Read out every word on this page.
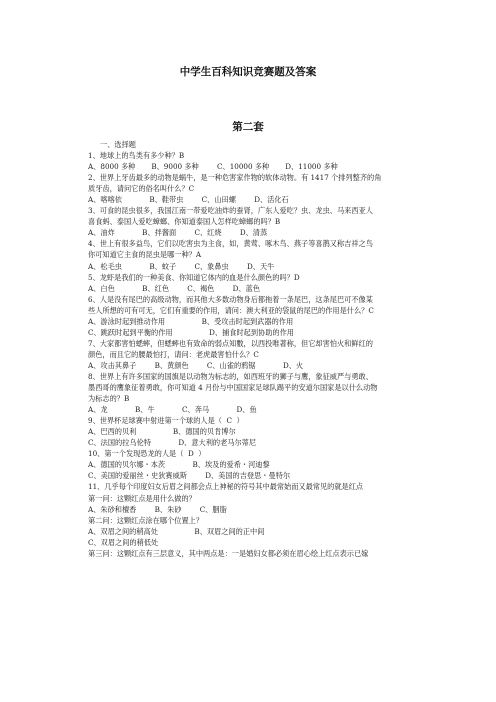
中学生百科知识竞赛题及答案
第二套
一、选择题
1、地球上的鸟类有多少种？B
A、8000 多种       B、9000 多种        C、10000 多种       D、11000 多种
2、世界上牙齿最多的动物是蜗牛，是一种危害家作物的软体动物。有 1417 个排列整齐的角
质牙齿，请问它的俗名叫什么？C
A、喀喀依            B、鞋带虫        C、山田螺        D、活化石
3、可食的昆虫很多，我国江南一带爱吃油炸的蚕肾，广东人爱吃？虫、龙虫、马来西亚人
喜食蚂、泰国人爱吃蟑螂、你知道泰国人怎样吃蟑螂的吗？B
A、油炸            B、拌酱面        C、红烧        D、清蒸
4、世上有很多益鸟，它们以吃害虫为主食，如，黄莺、啄木鸟、燕子等喜鹊又称吉祥之鸟
你可知道它主食的昆虫是哪一种？A
A、松毛虫            B、蚊子        C、象鼻虫        D、天牛
5、龙虾是我们的一种美食、你知道它体内的血是什么颜色的吗？D
A、白色            B、红色        C、褐色        D、蓝色
6、人是没有尾巴的高级动物，而其他大多数动物身后都拖着一条尾巴，这条尾巴可不像某
些人所想的可有可无，它们有重要的作用，请问：澳大利亚的袋鼠的尾巴的作用是什么？C
A、游泳时起到推动作用                B、受攻击时起到武器的作用
C、跳跃时起到平衡的作用                D、捕食时起到协助的作用
7、大家都害怕蟋蟀，但蟋蟀也有致命的弱点知數，以西投唯著称，但它却害怕火和鲜红的
颜色，而且它的腰最怕打，请问：老虎最害怕什么？C
A、攻击其鼻子        B、黄颜色        C、山雀的鸦锯            D、火
8、世界上有许多国家的国旗是以动物为标志的，如西班牙的狮子与鹰，象征威严与勇敢、
墨西哥的鹰象征着勇敢，你可知道 4 月份与中国国家足球队踢平的安道尔国家是以什么动物
为标志的？B
A、龙            B、牛            C、奔马            D、鱼
9、世界杯足球赛中射进第一个球的人是（  C  ）
A、巴西的贝利                B、德国的贝肯博尔
C、法国的拉乌伦特            D、意大利的老马尔蒂尼
10、第一个发现恐龙的人是（  D  ）
A、德国的贝尔娜・本茨            B、埃及的爱希・河迪黎
C、美国的爱丽丝・史狄赛威斯        D、美国的吉登思・曼特尔
11、几乎每个印度妇女后眉之间都会点上神秘的符号其中最常始而又最常见的就是红点
第一问：这颗红点是用什么做的？
A、朱砂和檀香        B、朱砂        C、胭脂
第二问：这颗红点涂在哪个位置上？
A、双眉之间的稍高处                B、双眉之间的正中间
C、双眉之间的稍低处
第三问：这颗红点有三层意义，其中两点是：一是婚妇女都必须在眉心绘上红点表示已嫁
